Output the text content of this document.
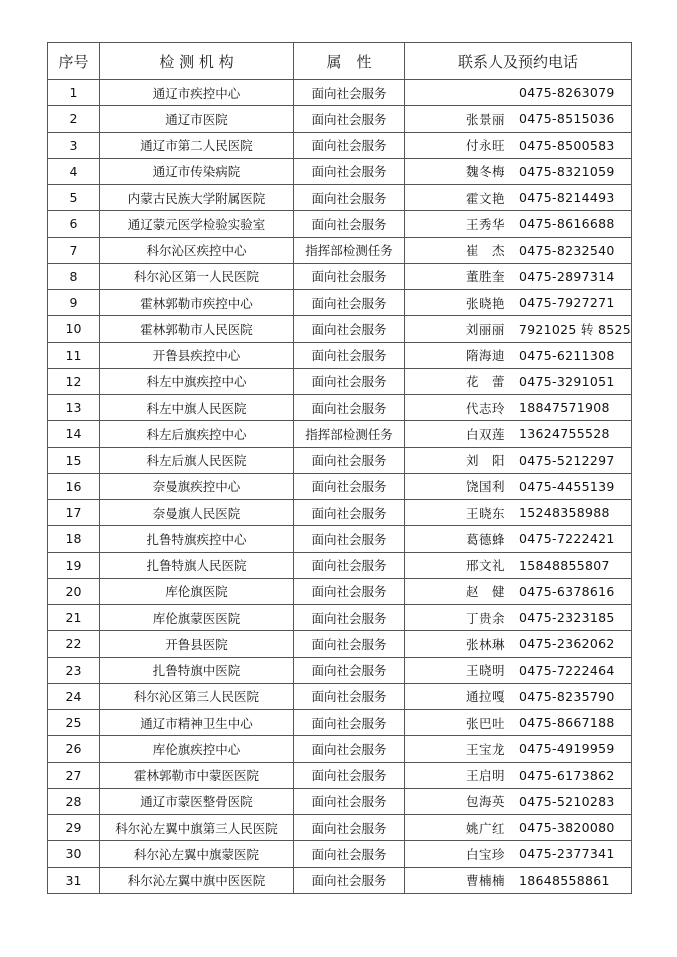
序号	检 测 机 构	属　性	联系人及预约电话
1	通辽市疾控中心	面向社会服务	0475-8263079

2	通辽市医院	面向社会服务	张景丽 0475-8515036

3	通辽市第二人民医院	面向社会服务	付永旺 0475-8500583

4	通辽市传染病院	面向社会服务	魏冬梅 0475-8321059

5	内蒙古民族大学附属医院	面向社会服务	霍文艳 0475-8214493

6	通辽蒙元医学检验实验室	面向社会服务	王秀华 0475-8616688

7	科尔沁区疾控中心	指挥部检测任务	崔　杰 0475-8232540

8	科尔沁区第一人民医院	面向社会服务	董胜奎 0475-2897314

9	霍林郭勒市疾控中心	面向社会服务	张晓艳 0475-7927271

10	霍林郭勒市人民医院	面向社会服务	刘丽丽 7921025 转 8525

11	开鲁县疾控中心	面向社会服务	隋海迪 0475-6211308

12	科左中旗疾控中心	面向社会服务	花　蕾 0475-3291051

13	科左中旗人民医院	面向社会服务	代志玲 18847571908

14	科左后旗疾控中心	指挥部检测任务	白双莲 13624755528

15	科左后旗人民医院	面向社会服务	刘　阳 0475-5212297

16	奈曼旗疾控中心	面向社会服务	饶国利 0475-4455139

17	奈曼旗人民医院	面向社会服务	王晓东 15248358988

18	扎鲁特旗疾控中心	面向社会服务	葛德蜂 0475-7222421

19	扎鲁特旗人民医院	面向社会服务	邢文礼 15848855807

20	库伦旗医院	面向社会服务	赵　健 0475-6378616

21	库伦旗蒙医医院	面向社会服务	丁贵余 0475-2323185

22	开鲁县医院	面向社会服务	张林琳 0475-2362062

23	扎鲁特旗中医院	面向社会服务	王晓明 0475-7222464

24	科尔沁区第三人民医院	面向社会服务	通拉嘎 0475-8235790

25	通辽市精神卫生中心	面向社会服务	张巴吐 0475-8667188

26	库伦旗疾控中心	面向社会服务	王宝龙 0475-4919959

27	霍林郭勒市中蒙医医院	面向社会服务	王启明 0475-6173862

28	通辽市蒙医整骨医院	面向社会服务	包海英 0475-5210283

29	科尔沁左翼中旗第三人民医院	面向社会服务	姚广红 0475-3820080

30	科尔沁左翼中旗蒙医院	面向社会服务	白宝珍 0475-2377341

31	科尔沁左翼中旗中医医院	面向社会服务	曹楠楠 18648558861
